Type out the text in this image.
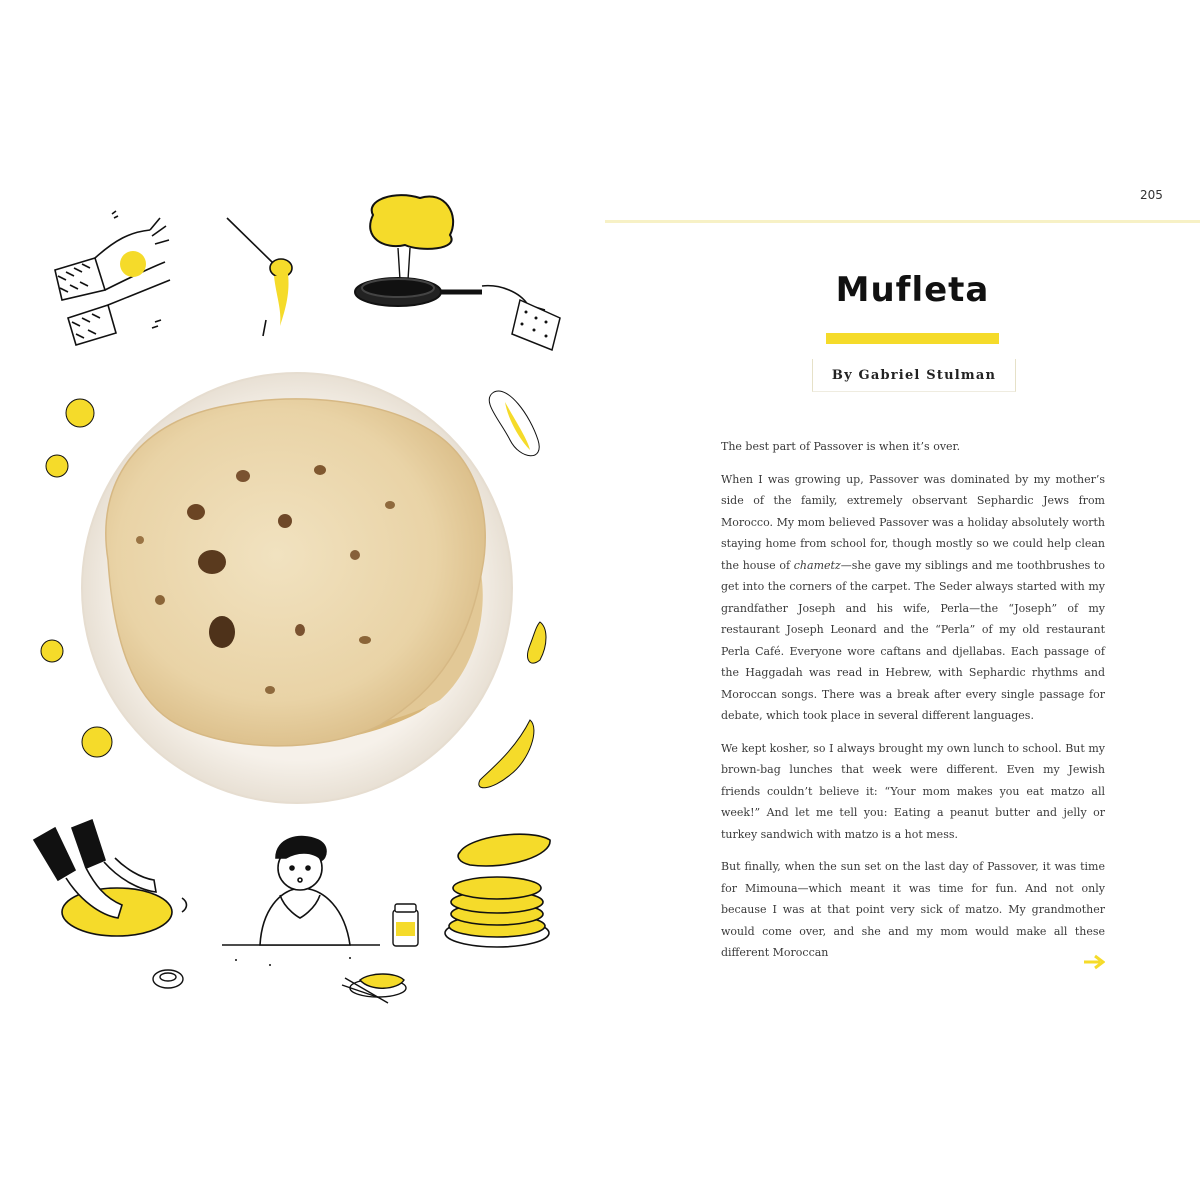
205
Mufleta
By Gabriel Stulman

The best part of Passover is when it’s over.

When I was growing up, Passover was dominated by my mother’s side of the family, extremely observant Sephardic Jews from Morocco. My mom believed Passover was a holiday absolutely worth staying home from school for, though mostly so we could help clean the house of chametz—she gave my siblings and me toothbrushes to get into the corners of the carpet. The Seder always started with my grandfather Joseph and his wife, Perla—the “Joseph” of my restaurant Joseph Leonard and the “Perla” of my old restaurant Perla Café. Everyone wore caftans and djellabas. Each passage of the Haggadah was read in Hebrew, with Sephardic rhythms and Moroccan songs. There was a break after every single passage for debate, which took place in several different languages.

We kept kosher, so I always brought my own lunch to school. But my brown-bag lunches that week were different. Even my Jewish friends couldn’t believe it: “Your mom makes you eat matzo all week!” And let me tell you: Eating a peanut butter and jelly or turkey sandwich with matzo is a hot mess.

But finally, when the sun set on the last day of Passover, it was time for Mimouna—which meant it was time for fun. And not only because I was at that point very sick of matzo. My grandmother would come over, and she and my mom would make all these different Moroccan
